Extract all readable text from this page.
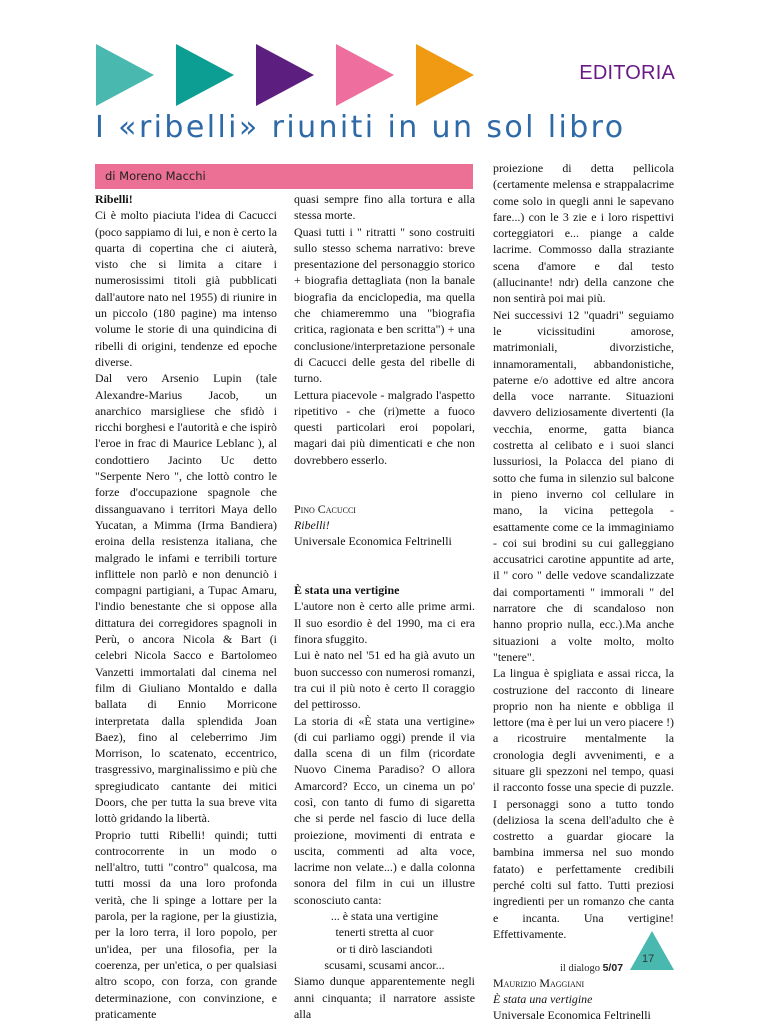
EDITORIA
I «ribelli» riuniti in un sol libro
di Moreno Macchi

Ribelli!

Ci è molto piaciuta l'idea di Cacucci (poco sappiamo di lui, e non è certo la quarta di copertina che ci aiuterà, visto che si limita a citare i numerosissimi titoli già pubblicati dall'autore nato nel 1955) di riunire in un piccolo (180 pagine) ma intenso volume le storie di una quindicina di ribelli di origini, tendenze ed epoche diverse.

Dal vero Arsenio Lupin (tale Alexandre-Marius Jacob, un anarchico marsigliese che sfidò i ricchi borghesi e l'autorità e che ispirò l'eroe in frac di Maurice Leblanc ), al condottiero Jacinto Uc detto "Serpente Nero ", che lottò contro le forze d'occupazione spagnole che dissanguavano i territori Maya dello Yucatan, a Mimma (Irma Bandiera) eroina della resistenza italiana, che malgrado le infami e terribili torture inflittele non parlò e non denunciò i compagni partigiani, a Tupac Amaru, l'indio benestante che si oppose alla dittatura dei corregidores spagnoli in Perù, o ancora Nicola & Bart (i celebri Nicola Sacco e Bartolomeo Vanzetti immortalati dal cinema nel film di Giuliano Montaldo e dalla ballata di Ennio Morricone interpretata dalla splendida Joan Baez), fino al celeberrimo Jim Morrison, lo scatenato, eccentrico, trasgressivo, marginalissimo e più che spregiudicato cantante dei mitici Doors, che per tutta la sua breve vita lottò gridando la libertà.

Proprio tutti Ribelli! quindi; tutti controcorrente in un modo o nell'altro, tutti "contro" qualcosa, ma tutti mossi da una loro profonda verità, che li spinge a lottare per la parola, per la ragione, per la giustizia, per la loro terra, il loro popolo, per un'idea, per una filosofia, per la coerenza, per un'etica, o per qualsiasi altro scopo, con forza, con grande determinazione, con convinzione, e praticamente

quasi sempre fino alla tortura e alla stessa morte.

Quasi tutti i " ritratti " sono costruiti sullo stesso schema narrativo: breve presentazione del personaggio storico + biografia dettagliata (non la banale biografia da enciclopedia, ma quella che chiameremmo una "biografia critica, ragionata e ben scritta") + una conclusione/interpretazione personale di Cacucci delle gesta del ribelle di turno.

Lettura piacevole - malgrado l'aspetto ripetitivo - che (ri)mette a fuoco questi particolari eroi popolari, magari dai più dimenticati e che non dovrebbero esserlo.

Pino Cacucci

Ribelli!

Universale Economica Feltrinelli

È stata una vertigine

L'autore non è certo alle prime armi. Il suo esordio è del 1990, ma ci era finora sfuggito.

Lui è nato nel '51 ed ha già avuto un buon successo con numerosi romanzi, tra cui il più noto è certo Il coraggio del pettirosso.

La storia di «È stata una vertigine» (di cui parliamo oggi) prende il via dalla scena di un film (ricordate Nuovo Cinema Paradiso? O allora Amarcord? Ecco, un cinema un po' così, con tanto di fumo di sigaretta che si perde nel fascio di luce della proiezione, movimenti di entrata e uscita, commenti ad alta voce, lacrime non velate...) e dalla colonna sonora del film in cui un illustre sconosciuto canta:

... è stata una vertigine

tenerti stretta al cuor

or ti dirò lasciandoti

scusami, scusami ancor...

Siamo dunque apparentemente negli anni cinquanta; il narratore assiste alla

proiezione di detta pellicola (certamente melensa e strappalacrime come solo in quegli anni le sapevano fare...) con le 3 zie e i loro rispettivi corteggiatori e... piange a calde lacrime. Commosso dalla straziante scena d'amore e dal testo (allucinante! ndr) della canzone che non sentirà poi mai più.

Nei successivi 12 "quadri" seguiamo le vicissitudini amorose, matrimoniali, divorzistiche, innamoramentali, abbandonistiche, paterne e/o adottive ed altre ancora della voce narrante. Situazioni davvero deliziosamente divertenti (la vecchia, enorme, gatta bianca costretta al celibato e i suoi slanci lussuriosi, la Polacca del piano di sotto che fuma in silenzio sul balcone in pieno inverno col cellulare in mano, la vicina pettegola - esattamente come ce la immaginiamo - coi sui brodini su cui galleggiano accusatrici carotine appuntite ad arte, il " coro " delle vedove scandalizzate dai comportamenti " immorali " del narratore che di scandaloso non hanno proprio nulla, ecc.).Ma anche situazioni a volte molto, molto "tenere".

La lingua è spigliata e assai ricca, la costruzione del racconto di lineare proprio non ha niente e obbliga il lettore (ma è per lui un vero piacere !) a ricostruire mentalmente la cronologia degli avvenimenti, e a situare gli spezzoni nel tempo, quasi il racconto fosse una specie di puzzle. I personaggi sono a tutto tondo (deliziosa la scena dell'adulto che è costretto a guardar giocare la bambina immersa nel suo mondo fatato) e perfettamente credibili perché colti sul fatto. Tutti preziosi ingredienti per un romanzo che canta e incanta. Una vertigine! Effettivamente.

Maurizio Maggiani

È stata una vertigine

Universale Economica Feltrinelli

17
il dialogo 5/07
